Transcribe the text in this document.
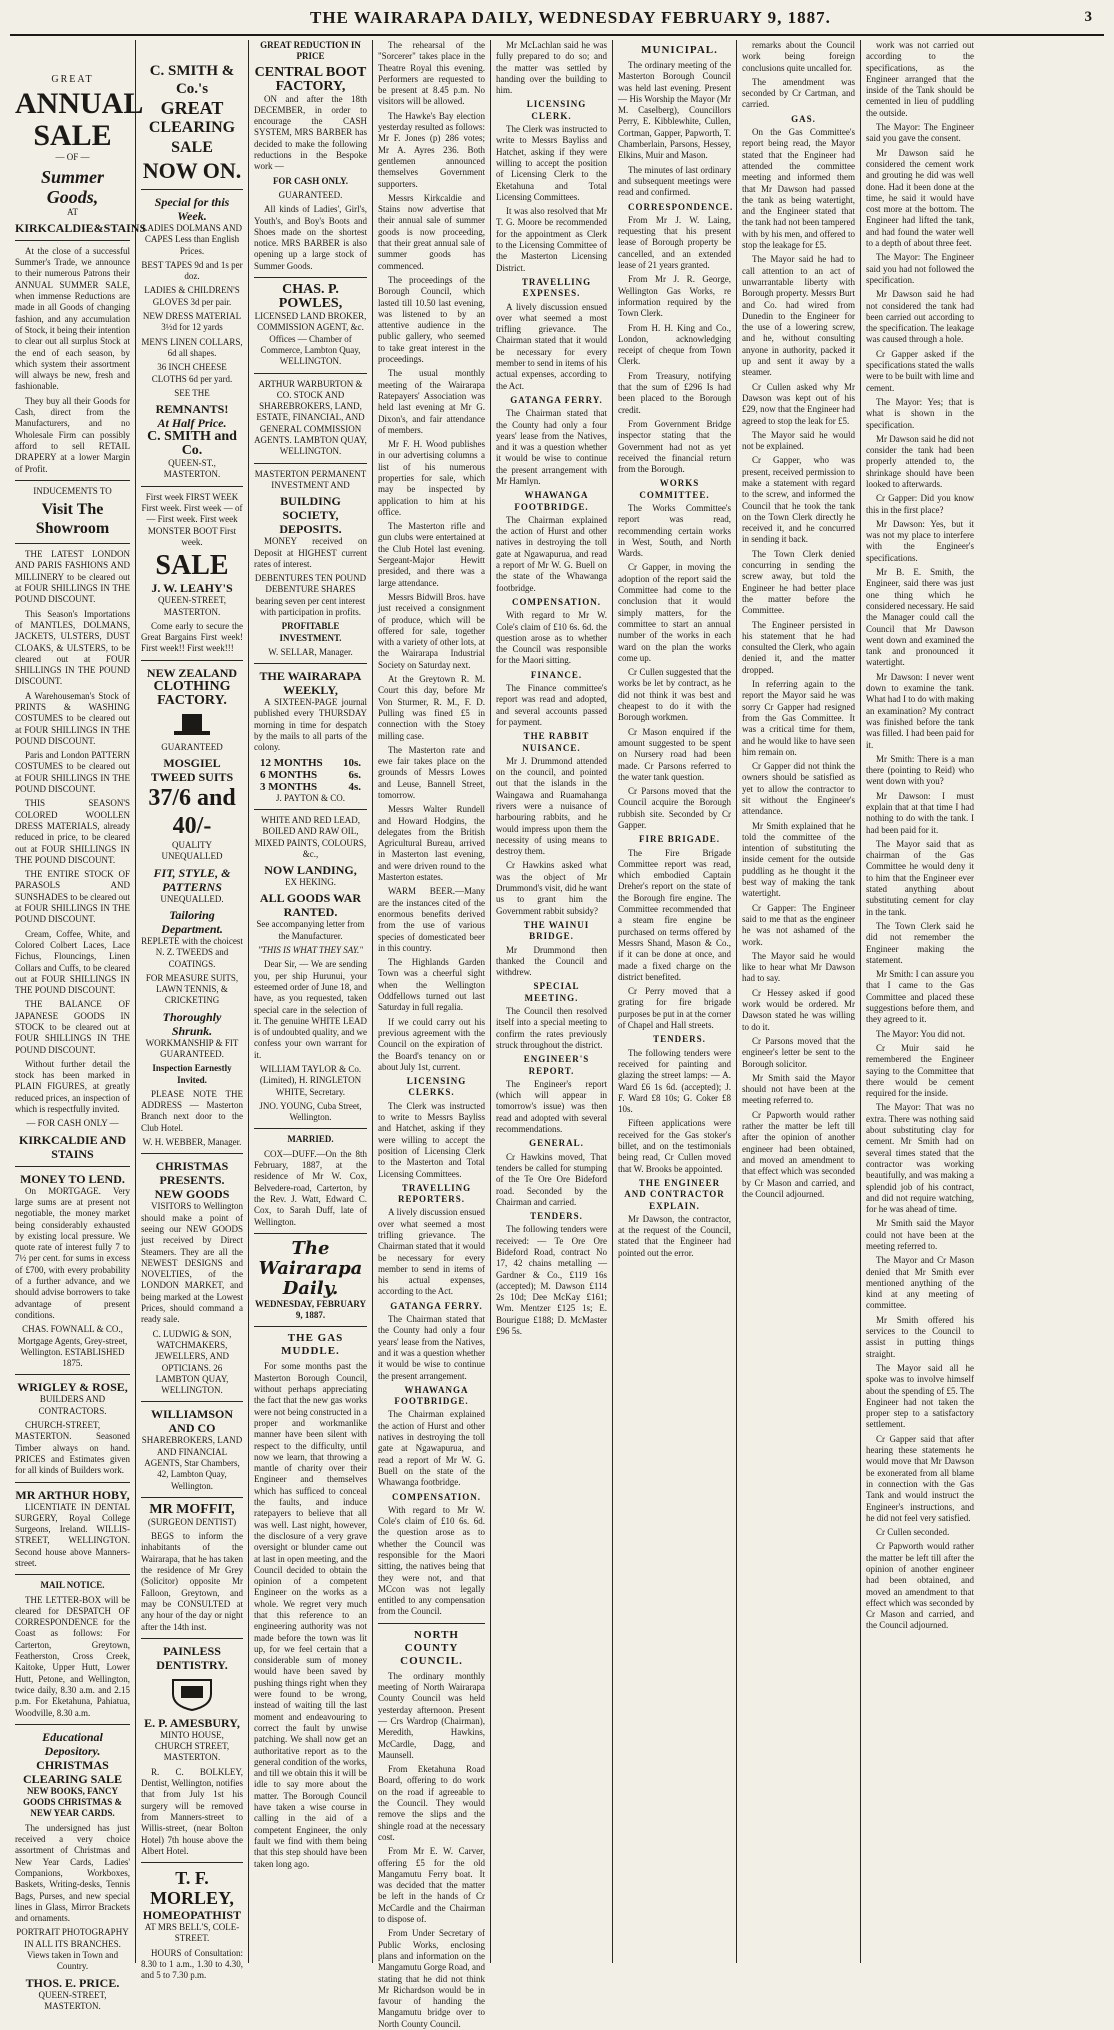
THE WAIRARAPA DAILY, WEDNESDAY FEBRUARY 9, 1887.	3

GREAT

ANNUAL SALE

— OF —

Summer Goods,

AT

KIRKCALDIE&STAINS

At the close of a successful Summer's Trade, we announce to their numerous Patrons their ANNUAL SUMMER SALE, when immense Reductions are made in all Goods of changing fashion, and any accumulation of Stock, it being their intention to clear out all surplus Stock at the end of each season, by which system their assortment will always be new, fresh and fashionable.

They buy all their Goods for Cash, direct from the Manufacturers, and no Wholesale Firm can possibly afford to sell RETAIL DRAPERY at a lower Margin of Profit.

INDUCEMENTS TO

Visit The Showroom

THE LATEST LONDON AND PARIS FASHIONS AND MILLINERY to be cleared out at FOUR SHILLINGS IN THE POUND DISCOUNT.

This Season's Importations of MANTLES, DOLMANS, JACKETS, ULSTERS, DUST CLOAKS, & ULSTERS, to be cleared out at FOUR SHILLINGS IN THE POUND DISCOUNT.

A Warehouseman's Stock of PRINTS & WASHING COSTUMES to be cleared out at FOUR SHILLINGS IN THE POUND DISCOUNT.

Paris and London PATTERN COSTUMES to be cleared out at FOUR SHILLINGS IN THE POUND DISCOUNT.

THIS SEASON'S COLORED WOOLLEN DRESS MATERIALS, already reduced in price, to be cleared out at FOUR SHILLINGS IN THE POUND DISCOUNT.

THE ENTIRE STOCK OF PARASOLS AND SUNSHADES to be cleared out at FOUR SHILLINGS IN THE POUND DISCOUNT.

Cream, Coffee, White, and Colored Colbert Laces, Lace Fichus, Flouncings, Linen Collars and Cuffs, to be cleared out at FOUR SHILLINGS IN THE POUND DISCOUNT.

THE BALANCE OF JAPANESE GOODS IN STOCK to be cleared out at FOUR SHILLINGS IN THE POUND DISCOUNT.

Without further detail the stock has been marked in PLAIN FIGURES, at greatly reduced prices, an inspection of which is respectfully invited.

— FOR CASH ONLY —

KIRKCALDIE AND STAINS
MONEY TO LEND.

On MORTGAGE. Very large sums are at present not negotiable, the money market being considerably exhausted by existing local pressure. We quote rate of interest fully 7 to 7½ per cent. for sums in excess of £700, with every probability of a further advance, and we should advise borrowers to take advantage of present conditions.

CHAS. FOWNALL & CO., Mortgage Agents, Grey-street, Wellington. ESTABLISHED 1875.

WRIGLEY & ROSE,

BUILDERS AND CONTRACTORS.

CHURCH-STREET, MASTERTON. Seasoned Timber always on hand. PRICES and Estimates given for all kinds of Builders work.

MR ARTHUR HOBY,

LICENTIATE IN DENTAL SURGERY, Royal College Surgeons, Ireland. WILLIS-STREET, WELLINGTON. Second house above Manners-street.

MAIL NOTICE.

THE LETTER-BOX will be cleared for DESPATCH OF CORRESPONDENCE for the Coast as follows: For Carterton, Greytown, Featherston, Cross Creek, Kaitoke, Upper Hutt, Lower Hutt, Petone, and Wellington, twice daily, 8.30 a.m. and 2.15 p.m. For Eketahuna, Pahiatua, Woodville, 8.30 a.m.

Educational Depository.
CHRISTMAS CLEARING SALE

NEW BOOKS, FANCY GOODS CHRISTMAS & NEW YEAR CARDS.

The undersigned has just received a very choice assortment of Christmas and New Year Cards, Ladies' Companions, Workboxes, Baskets, Writing-desks, Tennis Bags, Purses, and new special lines in Glass, Mirror Brackets and ornaments.

PORTRAIT PHOTOGRAPHY IN ALL ITS BRANCHES. Views taken in Town and Country.

THOS. E. PRICE.

QUEEN-STREET, MASTERTON.

C. SMITH & Co.'s
GREAT
CLEARING SALE
NOW ON.
Special for this Week.

LADIES DOLMANS AND CAPES Less than English Prices.

BEST TAPES 9d and 1s per doz.

LADIES & CHILDREN'S GLOVES 3d per pair.

NEW DRESS MATERIAL 3½d for 12 yards

MEN'S LINEN COLLARS, 6d all shapes.

36 INCH CHEESE CLOTHS 6d per yard.

SEE THE

REMNANTS!
At Half Price.
C. SMITH and Co.

QUEEN-ST., MASTERTON.

First week FIRST WEEK First week. First week — of — First week. First week MONSTER BOOT First week.

SALE
J. W. LEAHY'S

QUEEN-STREET, MASTERTON.

Come early to secure the Great Bargains First week! First week!! First week!!!

NEW ZEALAND
CLOTHING FACTORY.

GUARANTEED

MOSGIEL TWEED SUITS
37/6 and 40/-

QUALITY UNEQUALLED

FIT, STYLE, & PATTERNS

UNEQUALLED.

Tailoring Department.

REPLETE with the choicest N. Z. TWEEDS and COATINGS.

FOR MEASURE SUITS, LAWN TENNIS, & CRICKETING

Thoroughly Shrunk.

WORKMANSHIP & FIT GUARANTEED.

Inspection Earnestly Invited.

PLEASE NOTE THE ADDRESS — Masterton Branch next door to the Club Hotel.

W. H. WEBBER, Manager.

CHRISTMAS PRESENTS.
NEW GOODS

VISITORS to Wellington should make a point of seeing our NEW GOODS just received by Direct Steamers. They are all the NEWEST DESIGNS and NOVELTIES, of the LONDON MARKET, and being marked at the Lowest Prices, should command a ready sale.

C. LUDWIG & SON, WATCHMAKERS, JEWELLERS, AND OPTICIANS. 26 LAMBTON QUAY, WELLINGTON.

WILLIAMSON AND CO

SHAREBROKERS, LAND AND FINANCIAL AGENTS, Star Chambers, 42, Lambton Quay, Wellington.

MR MOFFIT,

(SURGEON DENTIST)

BEGS to inform the inhabitants of the Wairarapa, that he has taken the residence of Mr Grey (Solicitor) opposite Mr Falloon, Greytown, and may be CONSULTED at any hour of the day or night after the 14th inst.

PAINLESS DENTISTRY.
E. P. AMESBURY,

MINTO HOUSE, CHURCH STREET, MASTERTON.

R. C. BOLKLEY, Dentist, Wellington, notifies that from July 1st his surgery will be removed from Manners-street to Willis-street, (near Bolton Hotel) 7th house above the Albert Hotel.

T. F. MORLEY,
HOMEOPATHIST

AT MRS BELL'S, COLE-STREET.

HOURS of Consultation: 8.30 to 1 a.m., 1.30 to 4.30, and 5 to 7.30 p.m.

GREAT REDUCTION IN PRICE

CENTRAL BOOT FACTORY,

ON and after the 18th DECEMBER, in order to encourage the CASH SYSTEM, MRS BARBER has decided to make the following reductions in the Bespoke work —

FOR CASH ONLY.

GUARANTEED.

All kinds of Ladies', Girl's, Youth's, and Boy's Boots and Shoes made on the shortest notice. MRS BARBER is also opening up a large stock of Summer Goods.

CHAS. P. POWLES,

LICENSED LAND BROKER, COMMISSION AGENT, &c. Offices — Chamber of Commerce, Lambton Quay, WELLINGTON.

ARTHUR WARBURTON & CO. STOCK AND SHAREBROKERS, LAND, ESTATE, FINANCIAL, AND GENERAL COMMISSION AGENTS. LAMBTON QUAY, WELLINGTON.

MASTERTON PERMANENT INVESTMENT AND

BUILDING SOCIETY,
DEPOSITS.

MONEY received on Deposit at HIGHEST current rates of interest.

DEBENTURES TEN POUND DEBENTURE SHARES bearing seven per cent interest with participation in profits.

PROFITABLE INVESTMENT.

W. SELLAR, Manager.

THE WAIRARAPA WEEKLY,

A SIXTEEN-PAGE journal published every THURSDAY morning in time for despatch by the mails to all parts of the colony.

12 MONTHS 10s.
6 MONTHS	6s.
3 MONTHS	4s.

J. PAYTON & CO.

WHITE AND RED LEAD, BOILED AND RAW OIL, MIXED PAINTS, COLOURS, &c.,

NOW LANDING,

EX HEKING.

ALL GOODS WAR RANTED.

See accompanying letter from the Manufacturer.

"THIS IS WHAT THEY SAY."

Dear Sir, — We are sending you, per ship Hurunui, your esteemed order of June 18, and have, as you requested, taken special care in the selection of it. The genuine WHITE LEAD is of undoubted quality, and we confess your own warrant for it.

WILLIAM TAYLOR & Co. (Limited), H. RINGLETON WHITE, Secretary.

JNO. YOUNG, Cuba Street, Wellington.

MARRIED.

COX—DUFF.—On the 8th February, 1887, at the residence of Mr W. Cox, Belvedere-road, Carterton, by the Rev. J. Watt, Edward C. Cox, to Sarah Duff, late of Wellington.

The Wairarapa Daily.

WEDNESDAY, FEBRUARY 9, 1887.

THE GAS MUDDLE.

For some months past the Masterton Borough Council, without perhaps appreciating the fact that the new gas works were not being constructed in a proper and workmanlike manner have been silent with respect to the difficulty, until now we learn, that throwing a mantle of charity over their Engineer and themselves which has sufficed to conceal the faults, and induce ratepayers to believe that all was well. Last night, however, the disclosure of a very grave oversight or blunder came out at last in open meeting, and the Council decided to obtain the opinion of a competent Engineer on the works as a whole. We regret very much that this reference to an engineering authority was not made before the town was lit up, for we feel certain that a considerable sum of money would have been saved by pushing things right when they were found to be wrong, instead of waiting till the last moment and endeavouring to correct the fault by unwise patching. We shall now get an authoritative report as to the general condition of the works, and till we obtain this it will be idle to say more about the matter. The Borough Council have taken a wise course in calling in the aid of a competent Engineer, the only fault we find with them being that this step should have been taken long ago.

The rehearsal of the "Sorcerer" takes place in the Theatre Royal this evening. Performers are requested to be present at 8.45 p.m. No visitors will be allowed.

The Hawke's Bay election yesterday resulted as follows: Mr F. Jones (p) 286 votes; Mr A. Ayres 236. Both gentlemen announced themselves Government supporters.

Messrs Kirkcaldie and Stains now advertise that their annual sale of summer goods is now proceeding, that their great annual sale of summer goods has commenced.

The proceedings of the Borough Council, which lasted till 10.50 last evening, was listened to by an attentive audience in the public gallery, who seemed to take great interest in the proceedings.

The usual monthly meeting of the Wairarapa Ratepayers' Association was held last evening at Mr G. Dixon's, and fair attendance of members.

Mr F. H. Wood publishes in our advertising columns a list of his numerous properties for sale, which may be inspected by application to him at his office.

The Masterton rifle and gun clubs were entertained at the Club Hotel last evening. Sergeant-Major Hewitt presided, and there was a large attendance.

Messrs Bidwill Bros. have just received a consignment of produce, which will be offered for sale, together with a variety of other lots, at the Wairarapa Industrial Society on Saturday next.

At the Greytown R. M. Court this day, before Mr Von Sturmer, R. M., F. D. Pulling was fined £5 in connection with the Stoey milling case.

The Masterton rate and ewe fair takes place on the grounds of Messrs Lowes and Leuse, Bannell Street, tomorrow.

Messrs Walter Rundell and Howard Hodgins, the delegates from the British Agricultural Bureau, arrived in Masterton last evening, and were driven round to the Masterton estates.

WARM BEER.—Many are the instances cited of the enormous benefits derived from the use of various species of domesticated beer in this country.

The Highlands Garden Town was a cheerful sight when the Wellington Oddfellows turned out last Saturday in full regalia.

If we could carry out his previous agreement with the Council on the expiration of the Board's tenancy on or about July 1st, current.

LICENSING CLERKS.

The Clerk was instructed to write to Messrs Bayliss and Hatchet, asking if they were willing to accept the position of Licensing Clerk to the Masterton and Total Licensing Committees.

TRAVELLING REPORTERS.

A lively discussion ensued over what seemed a most trifling grievance. The Chairman stated that it would be necessary for every member to send in items of his actual expenses, according to the Act.

GATANGA FERRY.

The Chairman stated that the County had only a four years' lease from the Natives, and it was a question whether it would be wise to continue the present arrangement.

WHAWANGA FOOTBRIDGE.

The Chairman explained the action of Hurst and other natives in destroying the toll gate at Ngawapurua, and read a report of Mr W. G. Buell on the state of the Whawanga footbridge.

COMPENSATION.

With regard to Mr W. Cole's claim of £10 6s. 6d. the question arose as to whether the Council was responsible for the Maori sitting, the natives being that they were not, and that MCcon was not legally entitled to any compensation from the Council.

NORTH COUNTY COUNCIL.

The ordinary monthly meeting of North Wairarapa County Council was held yesterday afternoon. Present — Crs Wardrop (Chairman), Meredith, Hawkins, McCardle, Dagg, and Maunsell.

From Eketahuna Road Board, offering to do work on the road if agreeable to the Council. They would remove the slips and the shingle road at the necessary cost.

From Mr E. W. Carver, offering £5 for the old Mangamutu Ferry boat. It was decided that the matter be left in the hands of Cr McCardle and the Chairman to dispose of.

From Under Secretary of Public Works, enclosing plans and information on the Mangamutu Gorge Road, and stating that he did not think Mr Richardson would be in favour of handing the Mangamutu bridge over to North County Council.

Mr McLachlan said he was fully prepared to do so; and the matter was settled by handing over the building to him.

LICENSING CLERK.

The Clerk was instructed to write to Messrs Bayliss and Hatchet, asking if they were willing to accept the position of Licensing Clerk to the Eketahuna and Total Licensing Committees.

It was also resolved that Mr T. G. Moore be recommended for the appointment as Clerk to the Licensing Committee of the Masterton Licensing District.

TRAVELLING EXPENSES.

A lively discussion ensued over what seemed a most trifling grievance. The Chairman stated that it would be necessary for every member to send in items of his actual expenses, according to the Act.

GATANGA FERRY.

The Chairman stated that the County had only a four years' lease from the Natives, and it was a question whether it would be wise to continue the present arrangement with Mr Hamlyn.

WHAWANGA FOOTBRIDGE.

The Chairman explained the action of Hurst and other natives in destroying the toll gate at Ngawapurua, and read a report of Mr W. G. Buell on the state of the Whawanga footbridge.

COMPENSATION.

With regard to Mr W. Cole's claim of £10 6s. 6d. the question arose as to whether the Council was responsible for the Maori sitting.

FINANCE.

The Finance committee's report was read and adopted, and several accounts passed for payment.

THE RABBIT NUISANCE.

Mr J. Drummond attended on the council, and pointed out that the islands in the Waingawa and Ruamahanga rivers were a nuisance of harbouring rabbits, and he would impress upon them the necessity of using means to destroy them.

Cr Hawkins asked what was the object of Mr Drummond's visit, did he want us to grant him the Government rabbit subsidy?

THE WAINUI BRIDGE.

Mr Drummond then thanked the Council and withdrew.

SPECIAL MEETING.

The Council then resolved itself into a special meeting to confirm the rates previously struck throughout the district.

ENGINEER'S REPORT.

The Engineer's report (which will appear in tomorrow's issue) was then read and adopted with several recommendations.

GENERAL.

Cr Hawkins moved, That tenders be called for stumping of the Te Ore Ore Bideford road. Seconded by the Chairman and carried.

TENDERS.

The following tenders were received: — Te Ore Ore Bideford Road, contract No 17, 42 chains metalling — Gardner & Co., £119 16s (accepted); M. Dawson £114 2s 10d; Dee McKay £161; Wm. Mentzer £125 1s; E. Bourigue £188; D. McMaster £96 5s.

MUNICIPAL.

The ordinary meeting of the Masterton Borough Council was held last evening. Present — His Worship the Mayor (Mr M. Caselberg), Councillors Perry, E. Kibblewhite, Cullen, Cortman, Gapper, Papworth, T. Chamberlain, Parsons, Hessey, Elkins, Muir and Mason.

The minutes of last ordinary and subsequent meetings were read and confirmed.

CORRESPONDENCE.

From Mr J. W. Laing, requesting that his present lease of Borough property be cancelled, and an extended lease of 21 years granted.

From Mr J. R. George, Wellington Gas Works, re information required by the Town Clerk.

From H. H. King and Co., London, acknowledging receipt of cheque from Town Clerk.

From Treasury, notifying that the sum of £296 Is had been placed to the Borough credit.

From Government Bridge inspector stating that the Government had not as yet received the financial return from the Borough.

WORKS COMMITTEE.

The Works Committee's report was read, recommending certain works in West, South, and North Wards.

Cr Gapper, in moving the adoption of the report said the Committee had come to the conclusion that it would simply matters, for the committee to start an annual number of the works in each ward on the plan the works come up.

Cr Cullen suggested that the works be let by contract, as he did not think it was best and cheapest to do it with the Borough workmen.

Cr Mason enquired if the amount suggested to be spent on Nursery road had been made. Cr Parsons referred to the water tank question.

Cr Parsons moved that the Council acquire the Borough rubbish site. Seconded by Cr Gapper.

FIRE BRIGADE.

The Fire Brigade Committee report was read, which embodied Captain Dreher's report on the state of the Borough fire engine. The Committee recommended that a steam fire engine be purchased on terms offered by Messrs Shand, Mason & Co., if it can be done at once, and made a fixed charge on the district benefited.

Cr Perry moved that a grating for fire brigade purposes be put in at the corner of Chapel and Hall streets.

TENDERS.

The following tenders were received for painting and glazing the street lamps: — A. Ward £6 1s 6d. (accepted); J. F. Ward £8 10s; G. Coker £8 10s.

Fifteen applications were received for the Gas stoker's billet, and on the testimonials being read, Cr Cullen moved that W. Brooks be appointed.

THE ENGINEER AND CONTRACTOR EXPLAIN.

Mr Dawson, the contractor, at the request of the Council, stated that the Engineer had pointed out the error.

remarks about the Council work being foreign conclusions quite uncalled for.

The amendment was seconded by Cr Cartman, and carried.

GAS.

On the Gas Committee's report being read, the Mayor stated that the Engineer had attended the committee meeting and informed them that Mr Dawson had passed the tank as being watertight, and the Engineer stated that the tank had not been tampered with by his men, and offered to stop the leakage for £5.

The Mayor said he had to call attention to an act of unwarrantable liberty with Borough property. Messrs Burt and Co. had wired from Dunedin to the Engineer for the use of a lowering screw, and he, without consulting anyone in authority, packed it up and sent it away by a steamer.

Cr Cullen asked why Mr Dawson was kept out of his £29, now that the Engineer had agreed to stop the leak for £5.

The Mayor said he would not be explained.

Cr Gapper, who was present, received permission to make a statement with regard to the screw, and informed the Council that he took the tank on the Town Clerk directly he received it, and he concurred in sending it back.

The Town Clerk denied concurring in sending the screw away, but told the Engineer he had better place the matter before the Committee.

The Engineer persisted in his statement that he had consulted the Clerk, who again denied it, and the matter dropped.

In referring again to the report the Mayor said he was sorry Cr Gapper had resigned from the Gas Committee. It was a critical time for them, and he would like to have seen him remain on.

Cr Gapper did not think the owners should be satisfied as yet to allow the contractor to sit without the Engineer's attendance.

Mr Smith explained that he told the committee of the intention of substituting the inside cement for the outside puddling as he thought it the best way of making the tank watertight.

Cr Gapper: The Engineer said to me that as the engineer he was not ashamed of the work.

The Mayor said he would like to hear what Mr Dawson had to say.

Cr Hessey asked if good work would be ordered. Mr Dawson stated he was willing to do it.

Cr Parsons moved that the engineer's letter be sent to the Borough solicitor.

Mr Smith said the Mayor should not have been at the meeting referred to.

Cr Papworth would rather rather the matter be left till after the opinion of another engineer had been obtained, and moved an amendment to that effect which was seconded by Cr Mason and carried, and the Council adjourned.

work was not carried out according to the specifications, as the Engineer arranged that the inside of the Tank should be cemented in lieu of puddling the outside.

The Mayor: The Engineer said you gave the consent.

Mr Dawson said he considered the cement work and grouting he did was well done. Had it been done at the time, he said it would have cost more at the bottom. The Engineer had lifted the tank, and had found the water well to a depth of about three feet.

The Mayor: The Engineer said you had not followed the specification.

Mr Dawson said he had not considered the tank had been carried out according to the specification. The leakage was caused through a hole.

Cr Gapper asked if the specifications stated the walls were to be built with lime and cement.

The Mayor: Yes; that is what is shown in the specification.

Mr Dawson said he did not consider the tank had been properly attended to, the shrinkage should have been looked to afterwards.

Cr Gapper: Did you know this in the first place?

Mr Dawson: Yes, but it was not my place to interfere with the Engineer's specifications.

Mr B. E. Smith, the Engineer, said there was just one thing which he considered necessary. He said the Manager could call the Council that Mr Dawson went down and examined the tank and pronounced it watertight.

Mr Dawson: I never went down to examine the tank. What had I to do with making an examination? My contract was finished before the tank was filled. I had been paid for it.

Mr Smith: There is a man there (pointing to Reid) who went down with you?

Mr Dawson: I must explain that at that time I had nothing to do with the tank. I had been paid for it.

The Mayor said that as chairman of the Gas Committee he would deny it to him that the Engineer ever stated anything about substituting cement for clay in the tank.

The Town Clerk said he did not remember the Engineer making the statement.

Mr Smith: I can assure you that I came to the Gas Committee and placed these suggestions before them, and they agreed to it.

The Mayor: You did not.

Cr Muir said he remembered the Engineer saying to the Committee that there would be cement required for the inside.

The Mayor: That was no extra. There was nothing said about substituting clay for cement. Mr Smith had on several times stated that the contractor was working beautifully, and was making a splendid job of his contract, and did not require watching, for he was ahead of time.

Mr Smith said the Mayor could not have been at the meeting referred to.

The Mayor and Cr Mason denied that Mr Smith ever mentioned anything of the kind at any meeting of committee.

Mr Smith offered his services to the Council to assist in putting things straight.

The Mayor said all he spoke was to involve himself about the spending of £5. The Engineer had not taken the proper step to a satisfactory settlement.

Cr Gapper said that after hearing these statements he would move that Mr Dawson be exonerated from all blame in connection with the Gas Tank and would instruct the Engineer's instructions, and he did not feel very satisfied.

Cr Cullen seconded.

Cr Papworth would rather the matter be left till after the opinion of another engineer had been obtained, and moved an amendment to that effect which was seconded by Cr Mason and carried, and the Council adjourned.
